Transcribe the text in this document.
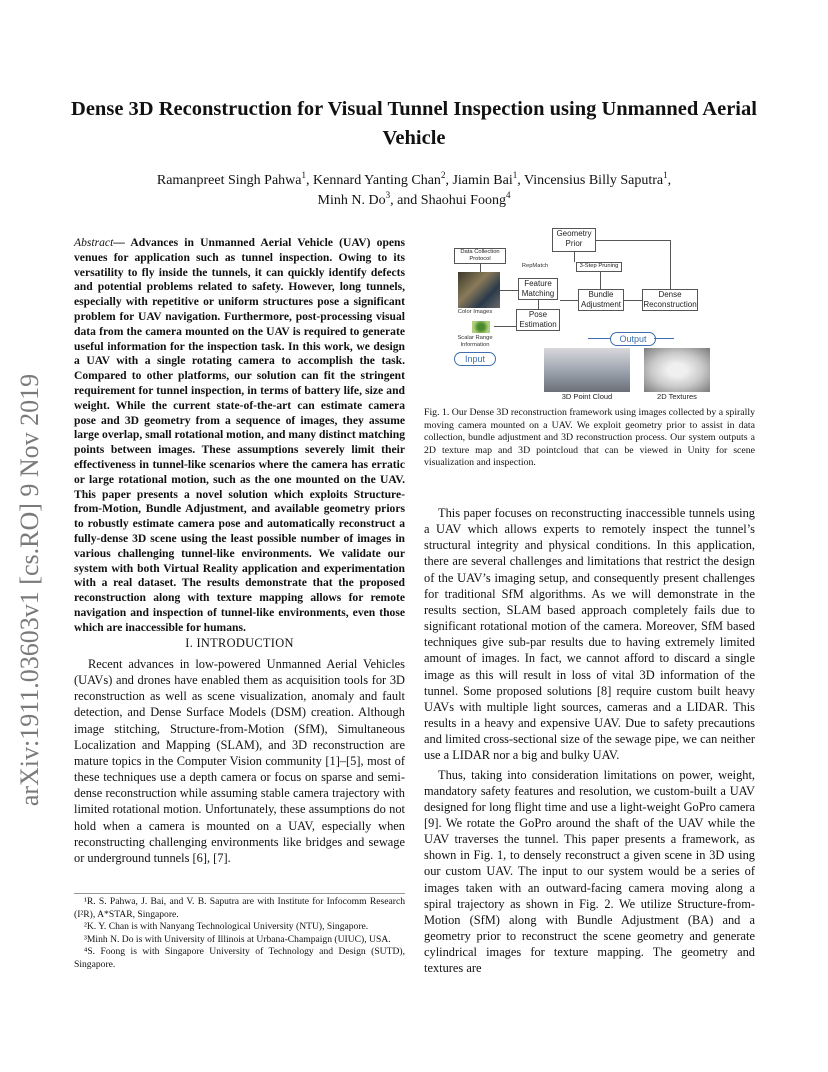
Dense 3D Reconstruction for Visual Tunnel Inspection using Unmanned Aerial Vehicle
Ramanpreet Singh Pahwa$^1$, Kennard Yanting Chan$^2$, Jiamin Bai$^1$, Vincensius Billy Saputra$^1$,
Minh N. Do$^3$, and Shaohui Foong$^4$
arXiv:1911.03603v1 [cs.RO] 9 Nov 2019
Abstract— Advances in Unmanned Aerial Vehicle (UAV) opens venues for application such as tunnel inspection. Owing to its versatility to fly inside the tunnels, it can quickly identify defects and potential problems related to safety. However, long tunnels, especially with repetitive or uniform structures pose a significant problem for UAV navigation. Furthermore, post-processing visual data from the camera mounted on the UAV is required to generate useful information for the inspection task. In this work, we design a UAV with a single rotating camera to accomplish the task. Compared to other platforms, our solution can fit the stringent requirement for tunnel inspection, in terms of battery life, size and weight. While the current state-of-the-art can estimate camera pose and 3D geometry from a sequence of images, they assume large overlap, small rotational motion, and many distinct matching points between images. These assumptions severely limit their effectiveness in tunnel-like scenarios where the camera has erratic or large rotational motion, such as the one mounted on the UAV. This paper presents a novel solution which exploits Structure-from-Motion, Bundle Adjustment, and available geometry priors to robustly estimate camera pose and automatically reconstruct a fully-dense 3D scene using the least possible number of images in various challenging tunnel-like environments. We validate our system with both Virtual Reality application and experimentation with a real dataset. The results demonstrate that the proposed reconstruction along with texture mapping allows for remote navigation and inspection of tunnel-like environments, even those which are inaccessible for humans.
I. INTRODUCTION

Recent advances in low-powered Unmanned Aerial Vehicles (UAVs) and drones have enabled them as acquisition tools for 3D reconstruction as well as scene visualization, anomaly and fault detection, and Dense Surface Models (DSM) creation. Although image stitching, Structure-from-Motion (SfM), Simultaneous Localization and Mapping (SLAM), and 3D reconstruction are mature topics in the Computer Vision community [1]–[5], most of these techniques use a depth camera or focus on sparse and semi-dense reconstruction while assuming stable camera trajectory with limited rotational motion. Unfortunately, these assumptions do not hold when a camera is mounted on a UAV, especially when reconstructing challenging environments like bridges and sewage or underground tunnels [6], [7].

¹R. S. Pahwa, J. Bai, and V. B. Saputra are with Institute for Infocomm Research (I²R), A*STAR, Singapore.

²K. Y. Chan is with Nanyang Technological University (NTU), Singapore.

³Minh N. Do is with University of Illinois at Urbana-Champaign (UIUC), USA.

⁴S. Foong is with Singapore University of Technology and Design (SUTD), Singapore.

Geometry Prior
Data Collection Protocol
RepMatch	3-Step Pruning
Feature Matching	Bundle Adjustment
Dense Reconstruction
Pose Estimation
Color Images
Scalar Range Information
Input
Output
3D Point Cloud	2D Textures
Fig. 1. Our Dense 3D reconstruction framework using images collected by a spirally moving camera mounted on a UAV. We exploit geometry prior to assist in data collection, bundle adjustment and 3D reconstruction process. Our system outputs a 2D texture map and 3D pointcloud that can be viewed in Unity for scene visualization and inspection.

This paper focuses on reconstructing inaccessible tunnels using a UAV which allows experts to remotely inspect the tunnel’s structural integrity and physical conditions. In this application, there are several challenges and limitations that restrict the design of the UAV’s imaging setup, and consequently present challenges for traditional SfM algorithms. As we will demonstrate in the results section, SLAM based approach completely fails due to significant rotational motion of the camera. Moreover, SfM based techniques give sub-par results due to having extremely limited amount of images. In fact, we cannot afford to discard a single image as this will result in loss of vital 3D information of the tunnel. Some proposed solutions [8] require custom built heavy UAVs with multiple light sources, cameras and a LIDAR. This results in a heavy and expensive UAV. Due to safety precautions and limited cross-sectional size of the sewage pipe, we can neither use a LIDAR nor a big and bulky UAV.

Thus, taking into consideration limitations on power, weight, mandatory safety features and resolution, we custom-built a UAV designed for long flight time and use a light-weight GoPro camera [9]. We rotate the GoPro around the shaft of the UAV while the UAV traverses the tunnel. This paper presents a framework, as shown in Fig. 1, to densely reconstruct a given scene in 3D using our custom UAV. The input to our system would be a series of images taken with an outward-facing camera moving along a spiral trajectory as shown in Fig. 2. We utilize Structure-from-Motion (SfM) along with Bundle Adjustment (BA) and a geometry prior to reconstruct the scene geometry and generate cylindrical images for texture mapping. The geometry and textures are
